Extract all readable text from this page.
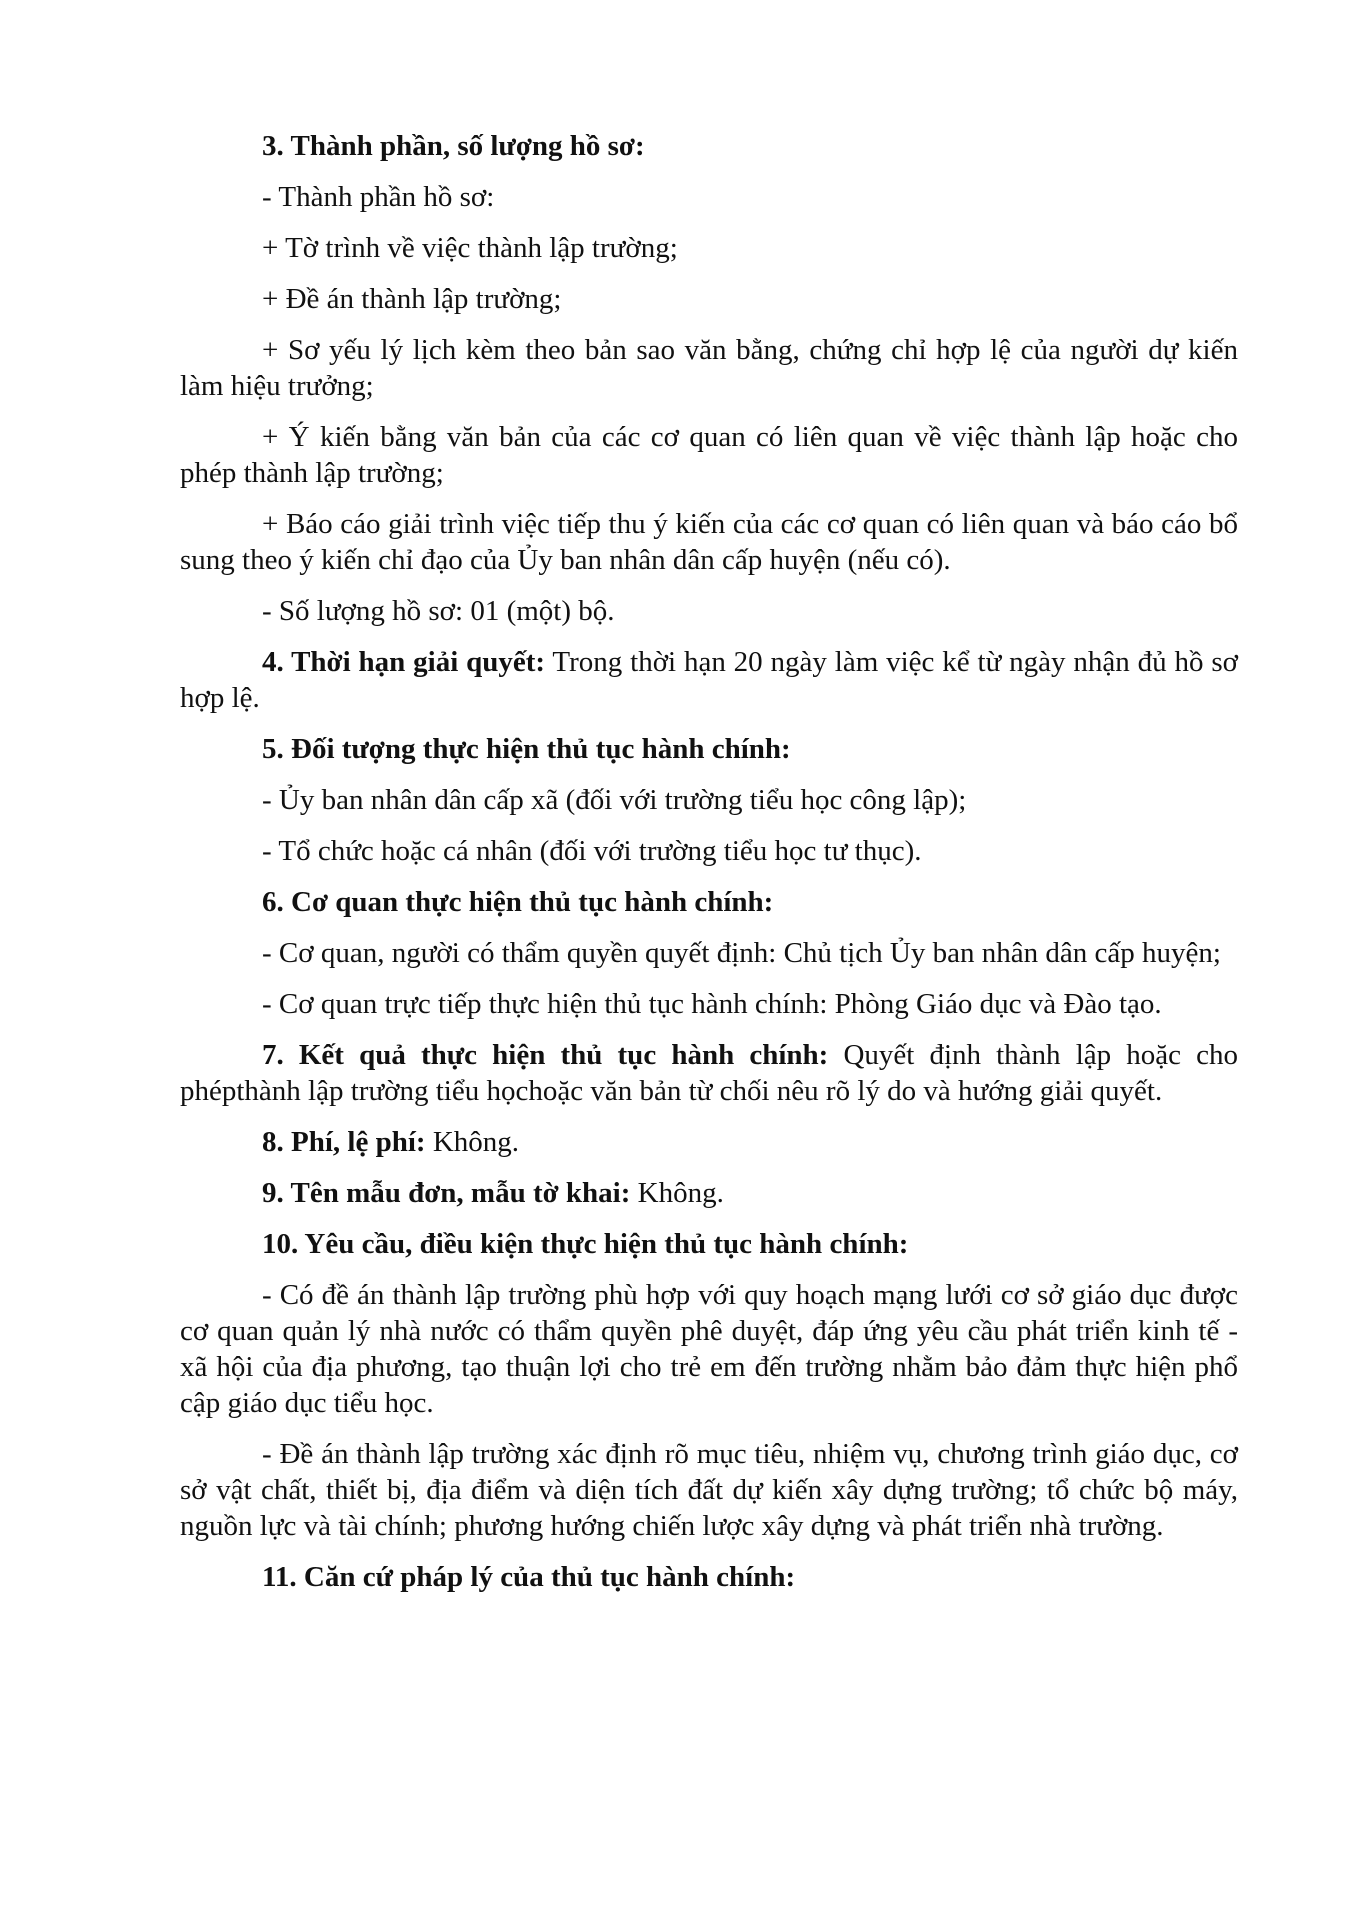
3. Thành phần, số lượng hồ sơ:

- Thành phần hồ sơ:

+ Tờ trình về việc thành lập trường;

+ Đề án thành lập trường;

+ Sơ yếu lý lịch kèm theo bản sao văn bằng, chứng chỉ hợp lệ của người dự kiến làm hiệu trưởng;

+ Ý kiến bằng văn bản của các cơ quan có liên quan về việc thành lập hoặc cho phép thành lập trường;

+ Báo cáo giải trình việc tiếp thu ý kiến của các cơ quan có liên quan và báo cáo bổ sung theo ý kiến chỉ đạo của Ủy ban nhân dân cấp huyện (nếu có).

- Số lượng hồ sơ: 01 (một) bộ.

4. Thời hạn giải quyết: Trong thời hạn 20 ngày làm việc kể từ ngày nhận đủ hồ sơ hợp lệ.

5. Đối tượng thực hiện thủ tục hành chính:

- Ủy ban nhân dân cấp xã (đối với trường tiểu học công lập);

- Tổ chức hoặc cá nhân (đối với trường tiểu học tư thục).

6. Cơ quan thực hiện thủ tục hành chính:

- Cơ quan, người có thẩm quyền quyết định: Chủ tịch Ủy ban nhân dân cấp huyện;

- Cơ quan trực tiếp thực hiện thủ tục hành chính: Phòng Giáo dục và Đào tạo.

7. Kết quả thực hiện thủ tục hành chính: Quyết định thành lập hoặc cho phépthành lập trường tiểu họchoặc văn bản từ chối nêu rõ lý do và hướng giải quyết.

8. Phí, lệ phí: Không.

9. Tên mẫu đơn, mẫu tờ khai: Không.

10. Yêu cầu, điều kiện thực hiện thủ tục hành chính:

- Có đề án thành lập trường phù hợp với quy hoạch mạng lưới cơ sở giáo dục được cơ quan quản lý nhà nước có thẩm quyền phê duyệt, đáp ứng yêu cầu phát triển kinh tế - xã hội của địa phương, tạo thuận lợi cho trẻ em đến trường nhằm bảo đảm thực hiện phổ cập giáo dục tiểu học.

- Đề án thành lập trường xác định rõ mục tiêu, nhiệm vụ, chương trình giáo dục, cơ sở vật chất, thiết bị, địa điểm và diện tích đất dự kiến xây dựng trường; tổ chức bộ máy, nguồn lực và tài chính; phương hướng chiến lược xây dựng và phát triển nhà trường.

11. Căn cứ pháp lý của thủ tục hành chính:
